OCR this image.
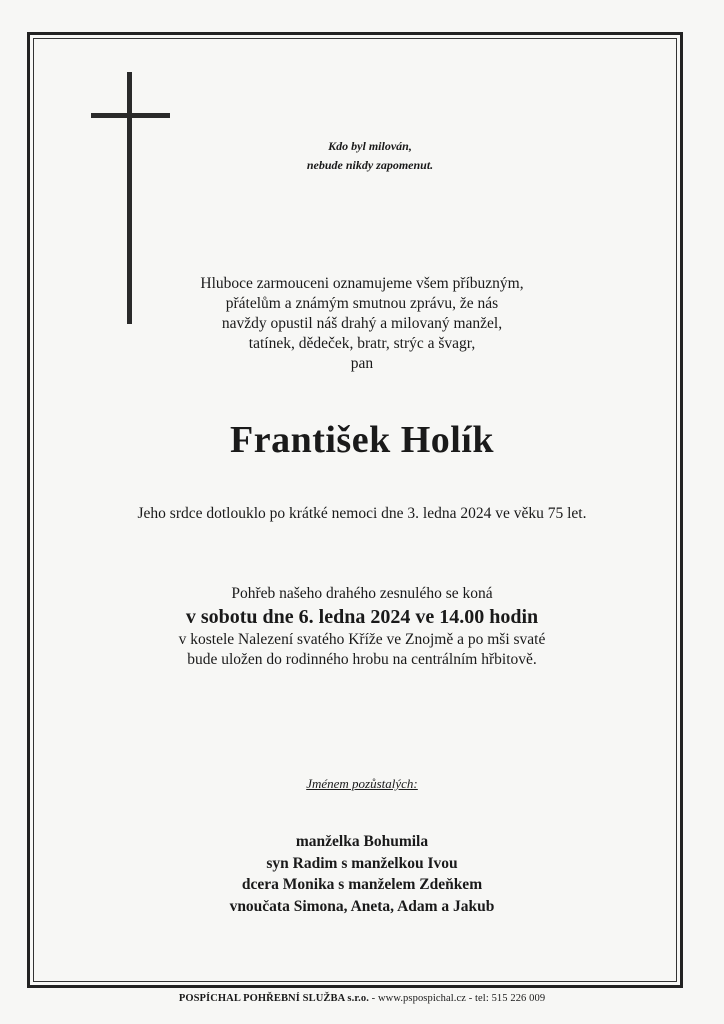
Kdo byl milován,
nebude nikdy zapomenut.
Hluboce zarmouceni oznamujeme všem příbuzným,
přátelům a známým smutnou zprávu, že nás
navždy opustil náš drahý a milovaný manžel,
tatínek, dědeček, bratr, strýc a švagr,
pan
František Holík
Jeho srdce dotlouklo po krátké nemoci dne 3. ledna 2024 ve věku 75 let.
Pohřeb našeho drahého zesnulého se koná
v sobotu dne 6. ledna 2024 ve 14.00 hodin
v kostele Nalezení svatého Kříže ve Znojmě a po mši svaté
bude uložen do rodinného hrobu na centrálním hřbitově.
Jménem pozůstalých:
manželka Bohumila
syn Radim s manželkou Ivou
dcera Monika s manželem Zdeňkem
vnoučata Simona, Aneta, Adam a Jakub
POSPÍCHAL POHŘEBNÍ SLUŽBA s.r.o. - www.pspospichal.cz - tel: 515 226 009
